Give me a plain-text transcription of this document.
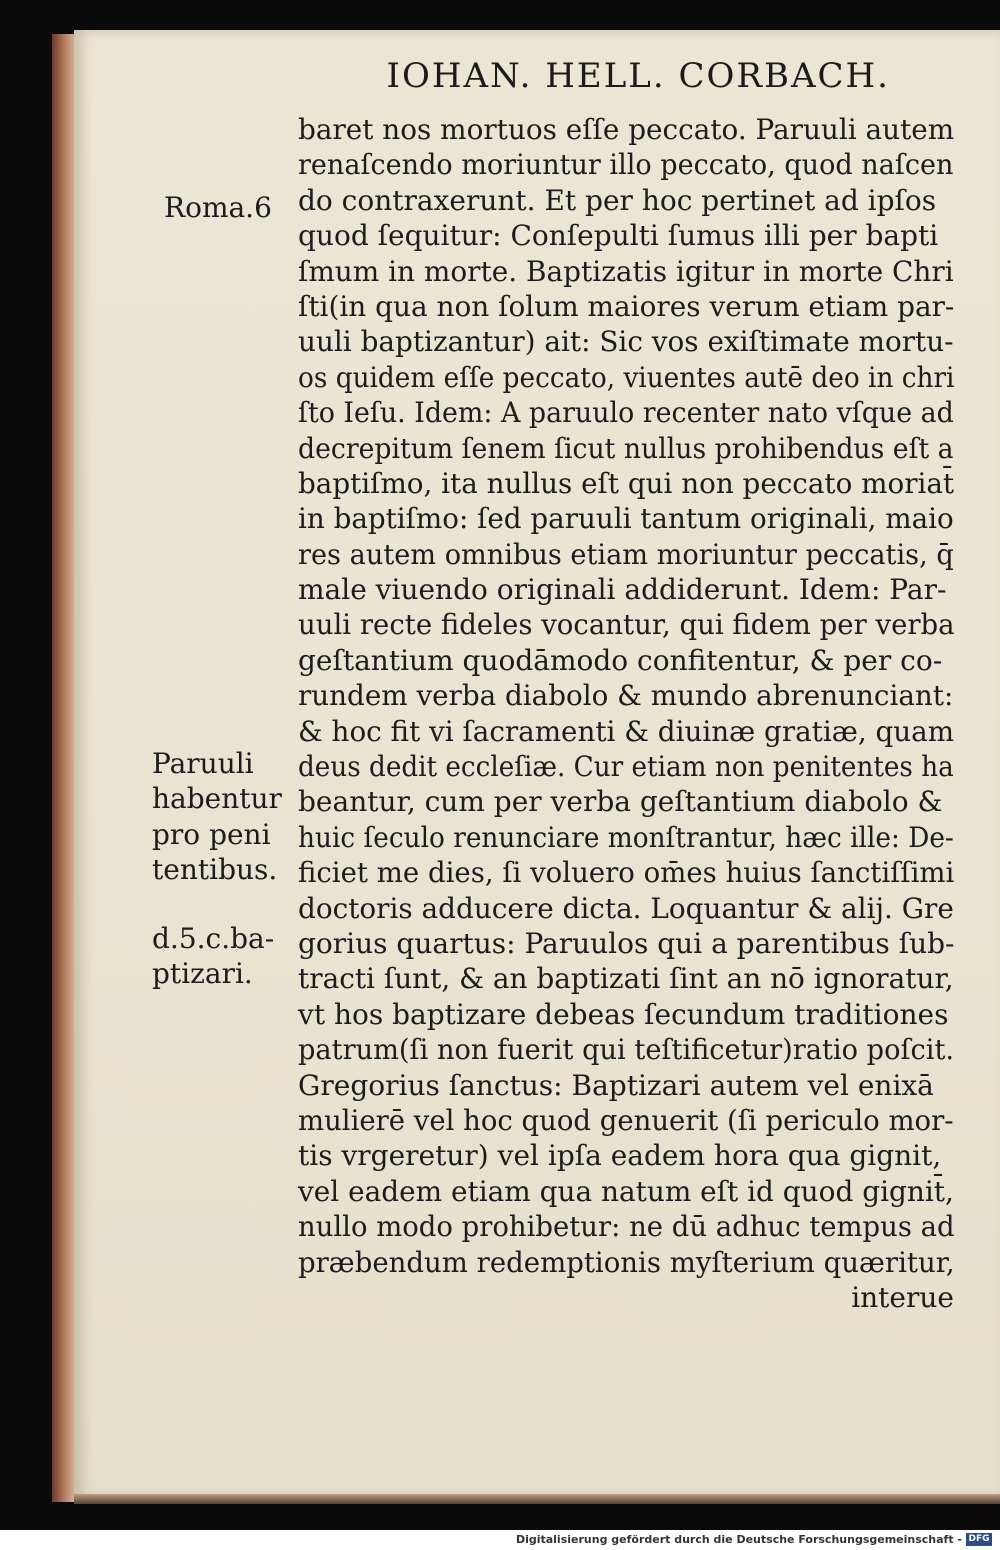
IOHAN. HELL. CORBACH.
Roma.6
Paruuli
habentur
pro peni
tentibus.
d.5.c.ba-
ptizari.
baret nos mortuos eſſe peccato. Paruuli autem
renaſcendo moriuntur illo peccato, quod naſcen
do contraxerunt. Et per hoc pertinet ad ipſos
quod ſequitur: Conſepulti ſumus illi per bapti
ſmum in morte. Baptizatis igitur in morte Chri
ſti(in qua non ſolum maiores verum etiam par-
uuli baptizantur) ait: Sic vos exiſtimate mortu-
os quidem eſſe peccato, viuentes autē deo in chri
ſto Ieſu. Idem: A paruulo recenter nato vſque ad
decrepitum ſenem ſicut nullus prohibendus eſt a
baptiſmo, ita nullus eſt qui non peccato moriat̄
in baptiſmo: ſed paruuli tantum originali, maio
res autem omnibus etiam moriuntur peccatis, q̄
male viuendo originali addiderunt. Idem: Par-
uuli recte fideles vocantur, qui fidem per verba
geſtantium quodāmodo confitentur, & per co-
rundem verba diabolo & mundo abrenunciant:
& hoc fit vi ſacramenti & diuinæ gratiæ, quam
deus dedit eccleſiæ. Cur etiam non penitentes ha
beantur, cum per verba geſtantium diabolo &
huic ſeculo renunciare monſtrantur, hæc ille: De-
ficiet me dies, ſi voluero om̄es huius ſanctiſſimi
doctoris adducere dicta. Loquantur & alij. Gre
gorius quartus: Paruulos qui a parentibus ſub-
tracti ſunt, & an baptizati ſint an nō ignoratur,
vt hos baptizare debeas ſecundum traditiones
patrum(ſi non fuerit qui teſtificetur)ratio poſcit.
Gregorius ſanctus: Baptizari autem vel enixā
mulierē vel hoc quod genuerit (ſi periculo mor-
tis vrgeretur) vel ipſa eadem hora qua gignit,
vel eadem etiam qua natum eſt id quod gignit̄,
nullo modo prohibetur: ne dū adhuc tempus ad
præbendum redemptionis myſterium quæritur,
interue
Digitalisierung gefördert durch die Deutsche Forschungsgemeinschaft - DFG
